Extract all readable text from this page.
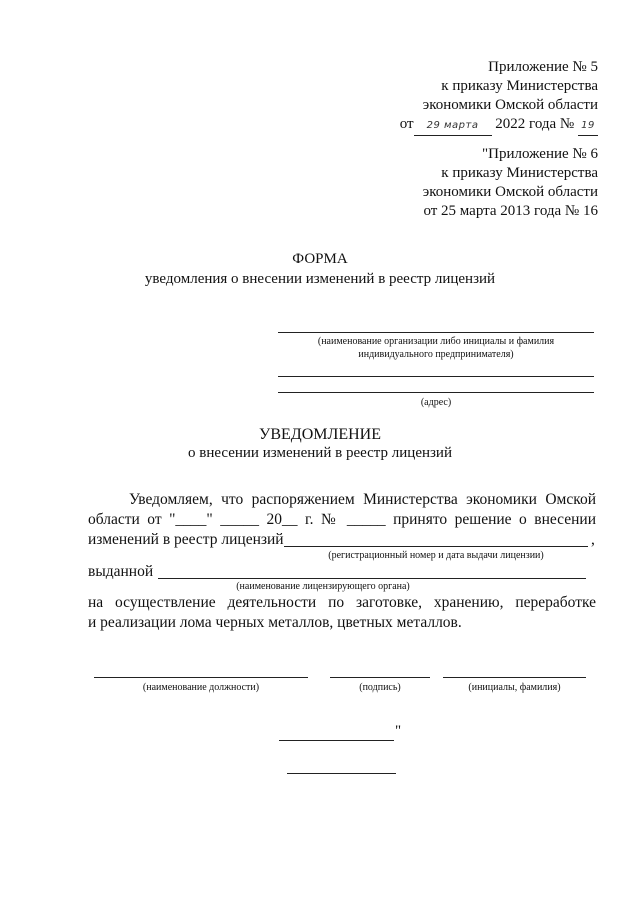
Приложение № 5
к приказу Министерства
экономики Омской области
от 29 марта 2022 года № 19
"Приложение № 6
к приказу Министерства
экономики Омской области
от 25 марта 2013 года № 16
ФОРМА
уведомления о внесении изменений в реестр лицензий
(наименование организации либо инициалы и фамилия
индивидуального предпринимателя)
(адрес)
УВЕДОМЛЕНИЕ
о внесении изменений в реестр лицензий
Уведомляем, что распоряжением Министерства экономики Омской
области от "____" _____ 20__ г. № _____ принято решение о внесении
изменений в реестр лицензий	,
(регистрационный номер и дата выдачи лицензии)
выданной
(наименование лицензирующего органа)
на осуществление деятельности по заготовке, хранению, переработке
и реализации лома черных металлов, цветных металлов.
(наименование должности)	(подпись)	(инициалы, фамилия)
"
